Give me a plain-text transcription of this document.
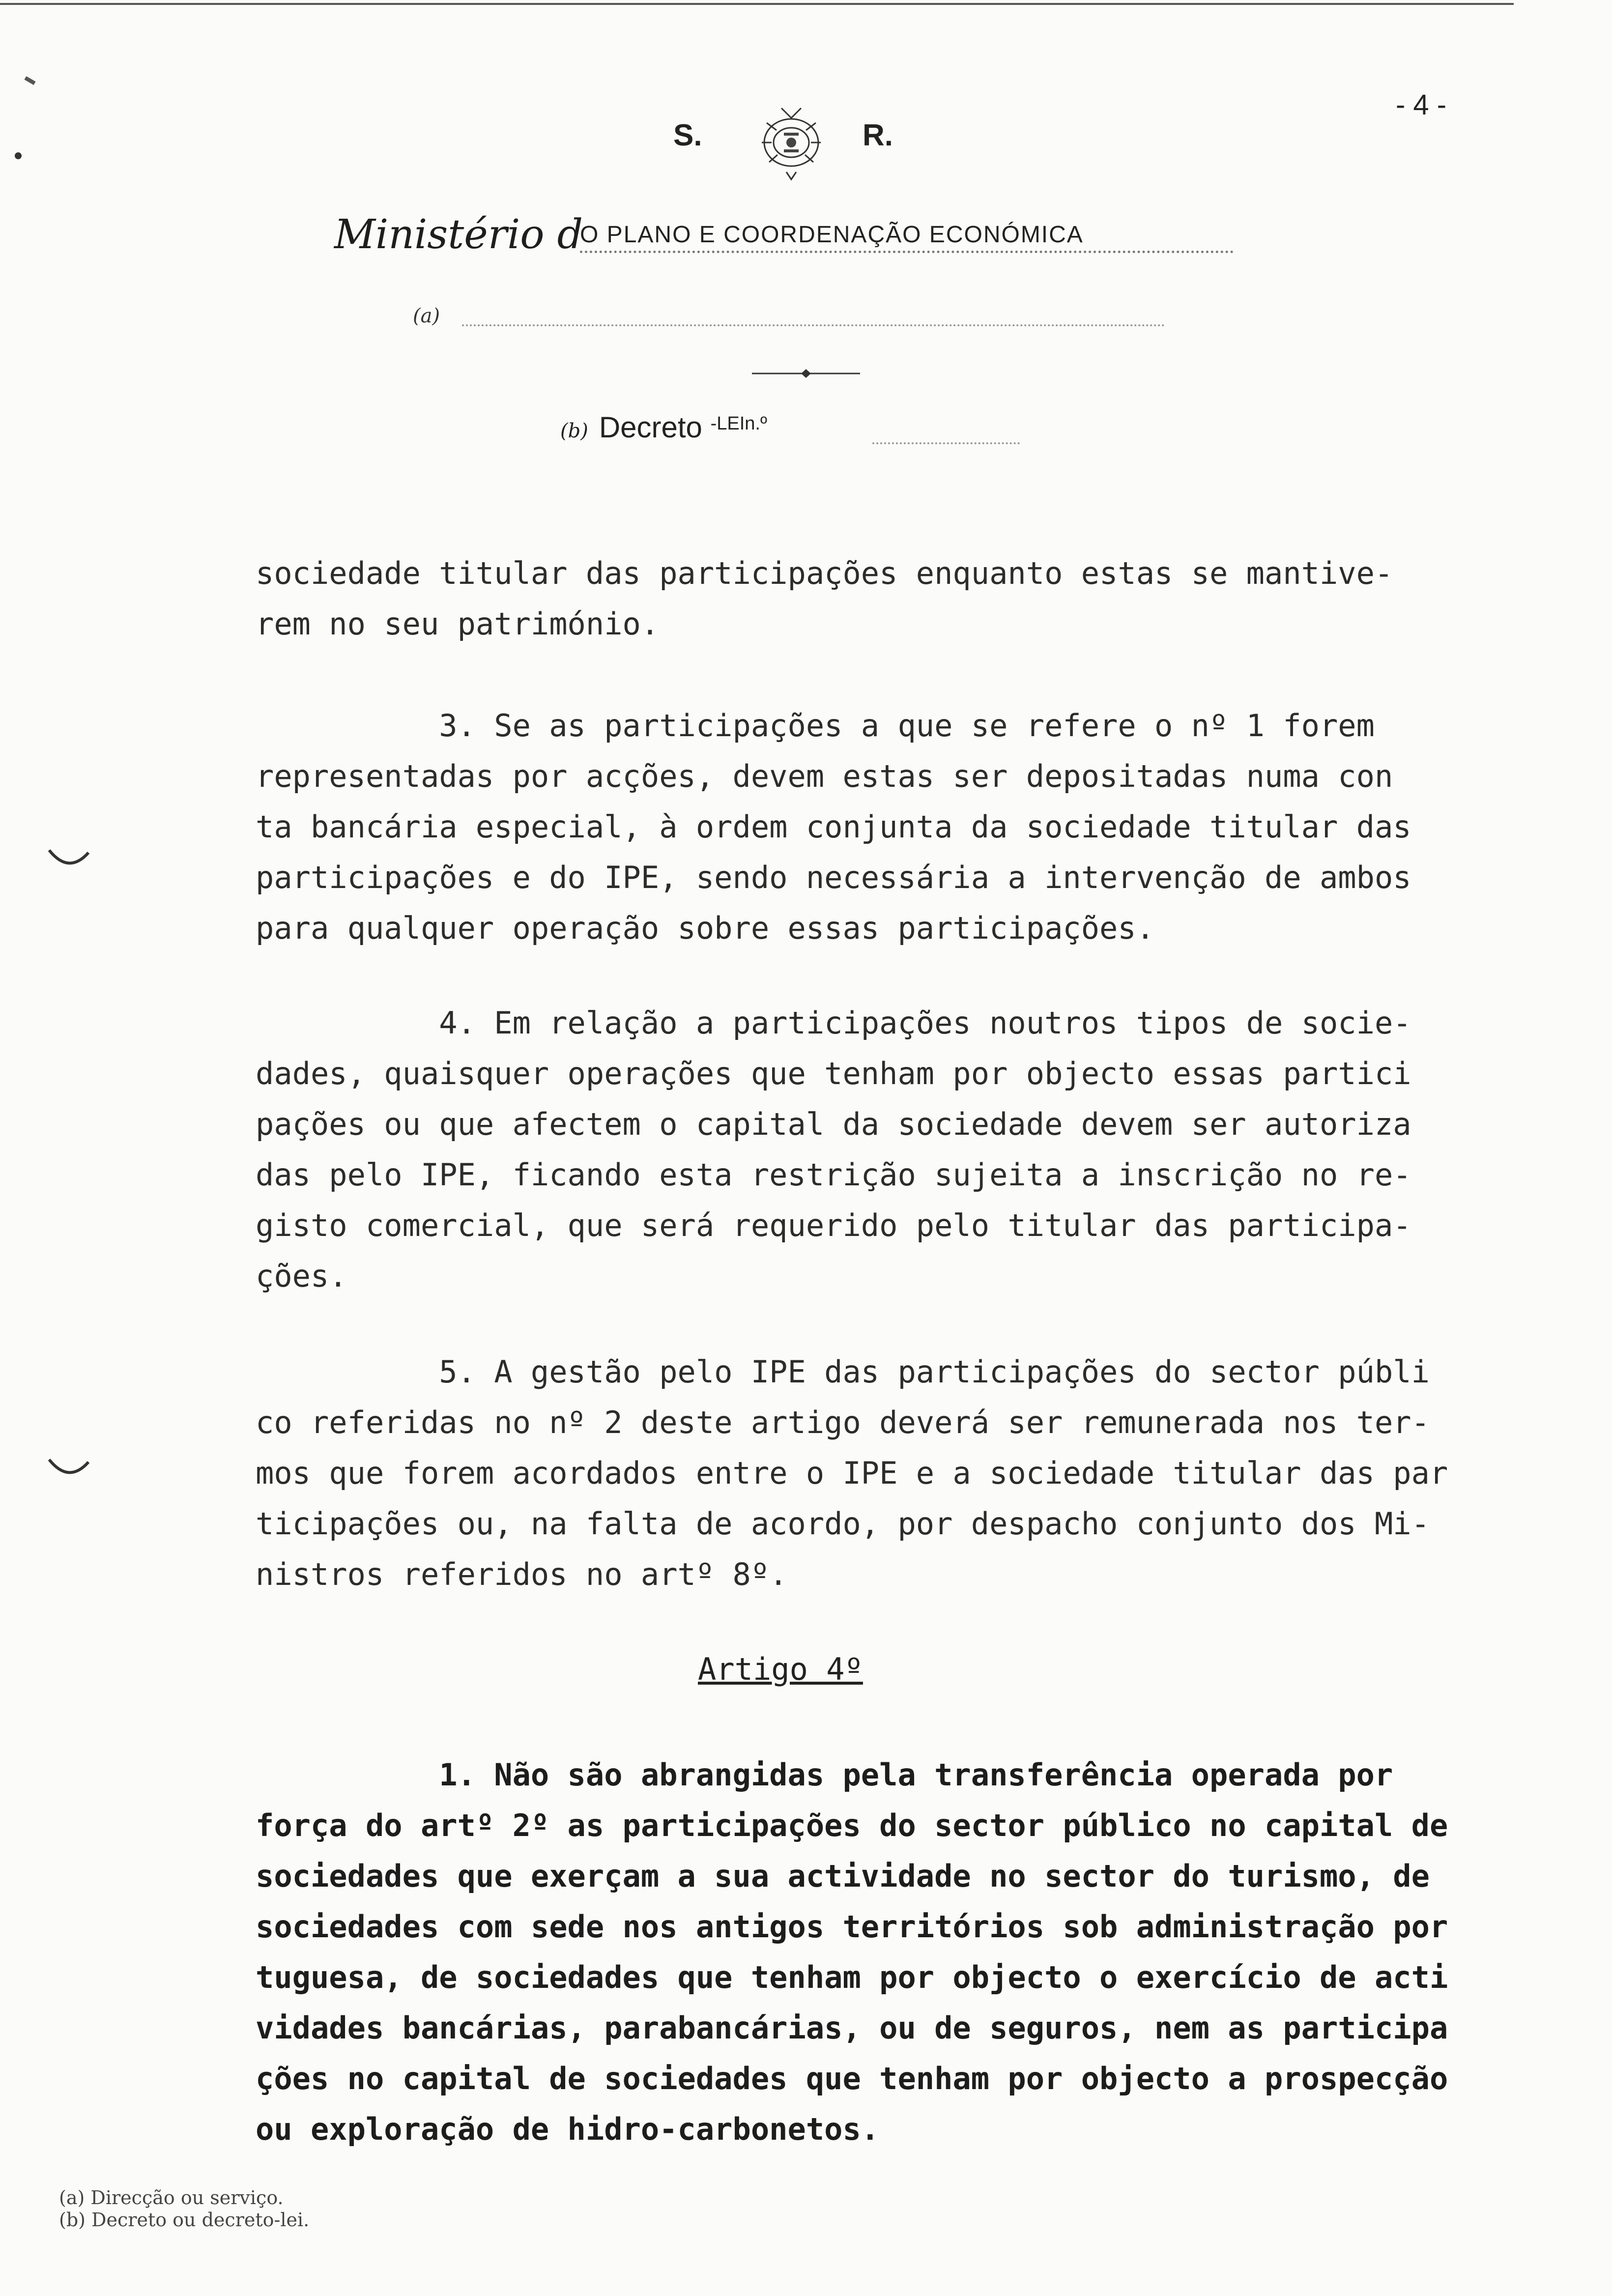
- 4 -
S.	R.
Ministério d
O PLANO E COORDENAÇÃO ECONÓMICA
(a)
(b) Decreto $^{-LEIn.º}$
sociedade titular das participações enquanto estas se mantive-
rem no seu património.
3. Se as participações a que se refere o nº 1 forem
representadas por acções, devem estas ser depositadas numa con
ta bancária especial, à ordem conjunta da sociedade titular das
participações e do IPE, sendo necessária a intervenção de ambos
para qualquer operação sobre essas participações.
4. Em relação a participações noutros tipos de socie-
dades, quaisquer operações que tenham por objecto essas partici
pações ou que afectem o capital da sociedade devem ser autoriza
das pelo IPE, ficando esta restrição sujeita a inscrição no re-
gisto comercial, que será requerido pelo titular das participa-
ções.
5. A gestão pelo IPE das participações do sector públi
co referidas no nº 2 deste artigo deverá ser remunerada nos ter-
mos que forem acordados entre o IPE e a sociedade titular das par
ticipações ou, na falta de acordo, por despacho conjunto dos Mi-
nistros referidos no artº 8º.
Artigo 4º
1. Não são abrangidas pela transferência operada por
força do artº 2º as participações do sector público no capital de
sociedades que exerçam a sua actividade no sector do turismo, de
sociedades com sede nos antigos territórios sob administração por
tuguesa, de sociedades que tenham por objecto o exercício de acti
vidades bancárias, parabancárias, ou de seguros, nem as participa
ções no capital de sociedades que tenham por objecto a prospecção
ou exploração de hidro-carbonetos.
(a) Direcção ou serviço.
(b) Decreto ou decreto-lei.
